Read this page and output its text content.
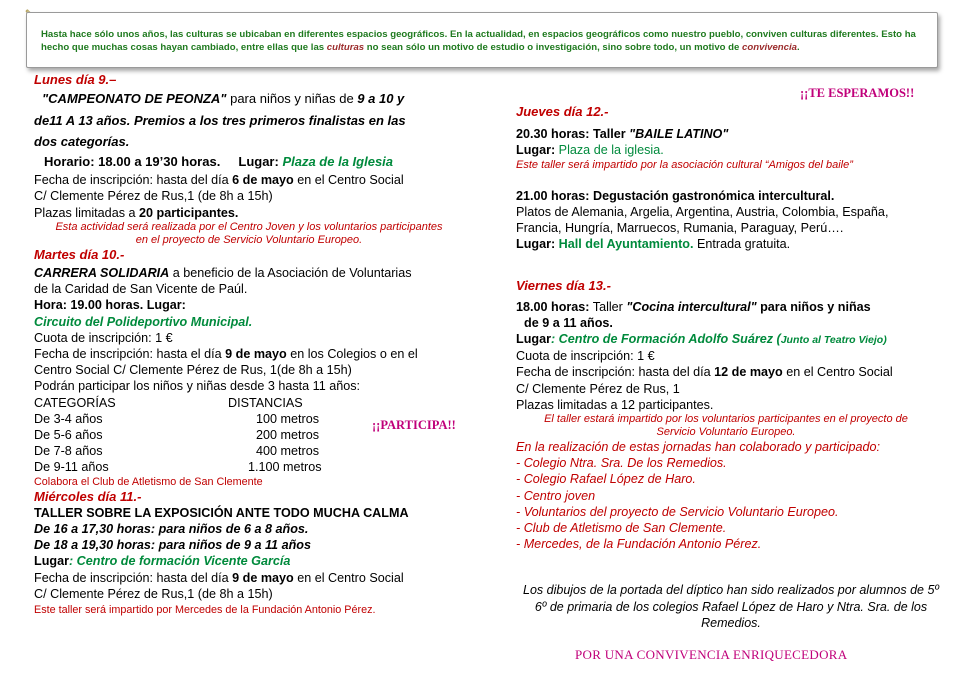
Hasta hace sólo unos años, las culturas se ubicaban en diferentes espacios geográficos. En la actualidad, en espacios geográficos como nuestro pueblo, conviven culturas diferentes. Esto ha hecho que muchas cosas hayan cambiado, entre ellas que las culturas no sean sólo un motivo de estudio o investigación, sino sobre todo, un motivo de convivencia.
Lunes día 9.–
"CAMPEONATO DE PEONZA" para niños y niñas de 9 a 10 y
de11 A 13 años. Premios a los tres primeros finalistas en las
dos categorías.
Horario: 18.00 a 19’30 horas. Lugar: Plaza de la Iglesia
Fecha de inscripción: hasta del día 6 de mayo en el Centro Social
C/ Clemente Pérez de Rus,1 (de 8h a 15h)
Plazas limitadas a 20 participantes.
Esta actividad será realizada por el Centro Joven y los voluntarios participantes en el proyecto de Servicio Voluntario Europeo.
Martes día 10.-
CARRERA SOLIDARIA a beneficio de la Asociación de Voluntarias
de la Caridad de San Vicente de Paúl.
Hora: 19.00 horas. Lugar:
Circuito del Polideportivo Municipal.
Cuota de inscripción: 1 €
Fecha de inscripción: hasta el día 9 de mayo en los Colegios o en el
Centro Social C/ Clemente Pérez de Rus, 1(de 8h a 15h)
Podrán participar los niños y niñas desde 3 hasta 11 años:
CATEGORÍAS	DISTANCIAS
De 3-4 años	100 metros
De 5-6 años	200 metros
De 7-8 años	400 metros
De 9-11 años	1.100 metros
Colabora el Club de Atletismo de San Clemente
Miércoles día 11.-
TALLER SOBRE LA EXPOSICIÓN ANTE TODO MUCHA CALMA
De 16 a 17,30 horas: para niños de 6 a 8 años.
De 18 a 19,30 horas: para niños de 9 a 11 años
Lugar: Centro de formación Vicente García
Fecha de inscripción: hasta del día 9 de mayo en el Centro Social
C/ Clemente Pérez de Rus,1 (de 8h a 15h)
Este taller será impartido por Mercedes de la Fundación Antonio Pérez.
¡¡PARTICIPA!!
¡¡TE ESPERAMOS!!
Jueves día 12.-
20.30 horas: Taller "BAILE LATINO"
Lugar: Plaza de la iglesia.
Este taller será impartido por la asociación cultural “Amigos del baile”
21.00 horas: Degustación gastronómica intercultural.
Platos de Alemania, Argelia, Argentina, Austria, Colombia, España, Francia, Hungría, Marruecos, Rumania, Paraguay, Perú….
Lugar: Hall del Ayuntamiento. Entrada gratuita.
Viernes día 13.-
18.00 horas: Taller "Cocina intercultural" para niños y niñas
de 9 a 11 años.
Lugar: Centro de Formación Adolfo Suárez (Junto al Teatro Viejo)
Cuota de inscripción: 1 €
Fecha de inscripción: hasta del día 12 de mayo en el Centro Social
C/ Clemente Pérez de Rus, 1
Plazas limitadas a 12 participantes.
El taller estará impartido por los voluntarios participantes en el proyecto de Servicio Voluntario Europeo.
En la realización de estas jornadas han colaborado y participado:
- Colegio Ntra. Sra. De los Remedios.
- Colegio Rafael López de Haro.
- Centro joven
- Voluntarios del proyecto de Servicio Voluntario Europeo.
- Club de Atletismo de San Clemente.
- Mercedes, de la Fundación Antonio Pérez.
Los dibujos de la portada del díptico han sido realizados por alumnos de 5º 6º de primaria de los colegios Rafael López de Haro y Ntra. Sra. de los Remedios.
POR UNA CONVIVENCIA ENRIQUECEDORA
